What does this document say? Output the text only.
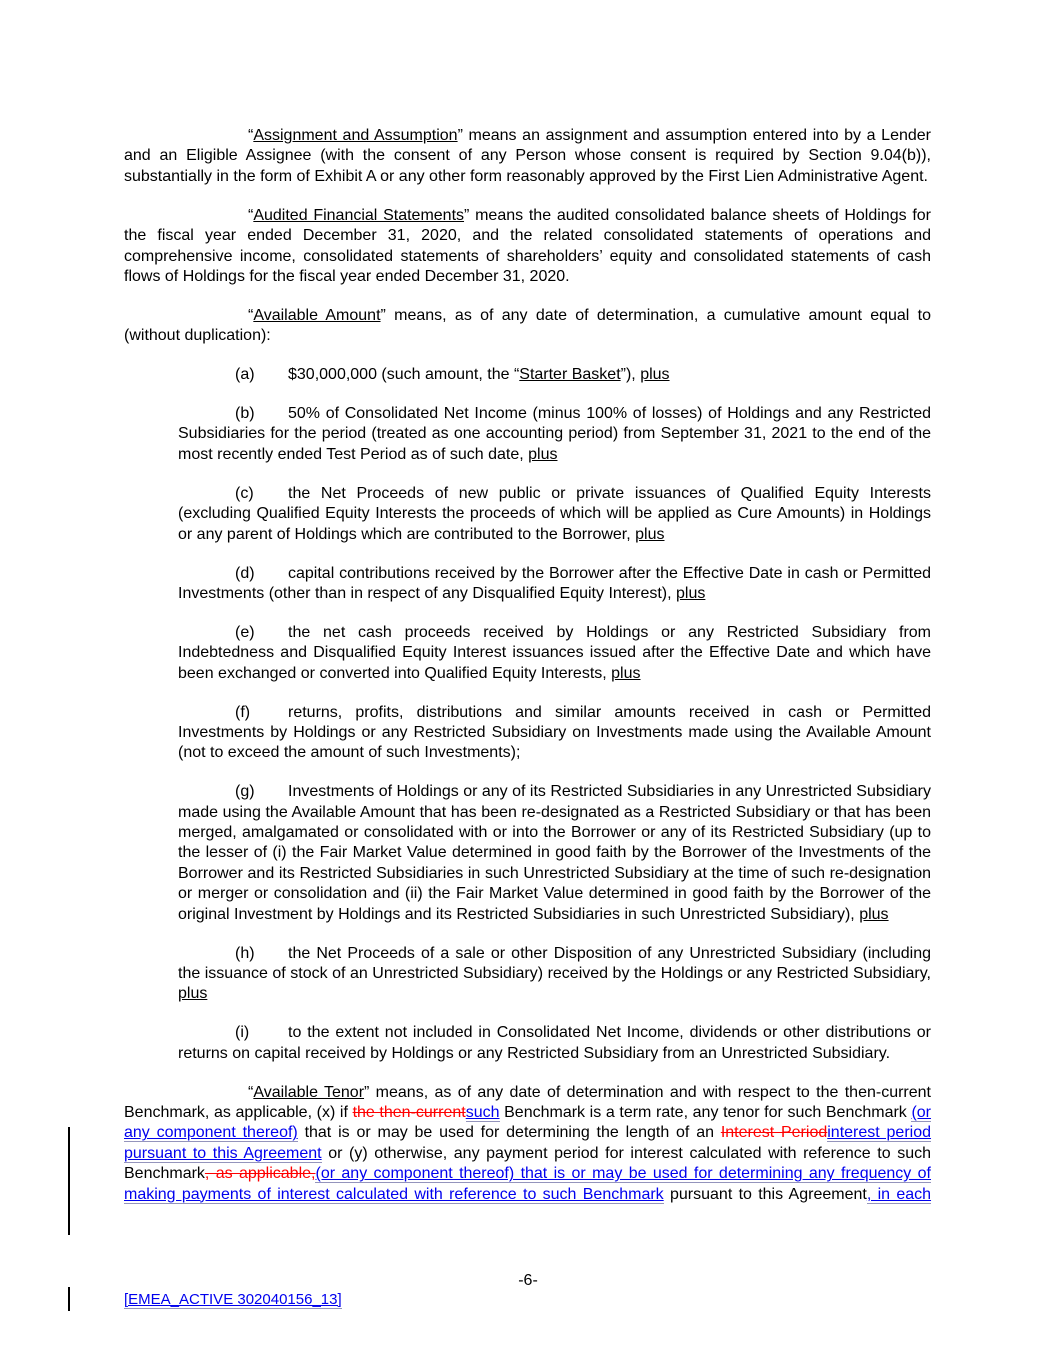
“Assignment and Assumption” means an assignment and assumption entered into by a Lender and an Eligible Assignee (with the consent of any Person whose consent is required by Section 9.04(b)), substantially in the form of Exhibit A or any other form reasonably approved by the First Lien Administrative Agent.

“Audited Financial Statements” means the audited consolidated balance sheets of Holdings for the fiscal year ended December 31, 2020, and the related consolidated statements of operations and comprehensive income, consolidated statements of shareholders’ equity and consolidated statements of cash flows of Holdings for the fiscal year ended December 31, 2020.

“Available Amount” means, as of any date of determination, a cumulative amount equal to (without duplication):

(a) $30,000,000 (such amount, the “Starter Basket”), plus

(b) 50% of Consolidated Net Income (minus 100% of losses) of Holdings and any Restricted Subsidiaries for the period (treated as one accounting period) from September 31, 2021 to the end of the most recently ended Test Period as of such date, plus

(c) the Net Proceeds of new public or private issuances of Qualified Equity Interests (excluding Qualified Equity Interests the proceeds of which will be applied as Cure Amounts) in Holdings or any parent of Holdings which are contributed to the Borrower, plus

(d) capital contributions received by the Borrower after the Effective Date in cash or Permitted Investments (other than in respect of any Disqualified Equity Interest), plus

(e) the net cash proceeds received by Holdings or any Restricted Subsidiary from Indebtedness and Disqualified Equity Interest issuances issued after the Effective Date and which have been exchanged or converted into Qualified Equity Interests, plus

(f) returns, profits, distributions and similar amounts received in cash or Permitted Investments by Holdings or any Restricted Subsidiary on Investments made using the Available Amount (not to exceed the amount of such Investments);

(g) Investments of Holdings or any of its Restricted Subsidiaries in any Unrestricted Subsidiary made using the Available Amount that has been re-designated as a Restricted Subsidiary or that has been merged, amalgamated or consolidated with or into the Borrower or any of its Restricted Subsidiary (up to the lesser of (i) the Fair Market Value determined in good faith by the Borrower of the Investments of the Borrower and its Restricted Subsidiaries in such Unrestricted Subsidiary at the time of such re-designation or merger or consolidation and (ii) the Fair Market Value determined in good faith by the Borrower of the original Investment by Holdings and its Restricted Subsidiaries in such Unrestricted Subsidiary), plus

(h) the Net Proceeds of a sale or other Disposition of any Unrestricted Subsidiary (including the issuance of stock of an Unrestricted Subsidiary) received by the Holdings or any Restricted Subsidiary, plus

(i) to the extent not included in Consolidated Net Income, dividends or other distributions or returns on capital received by Holdings or any Restricted Subsidiary from an Unrestricted Subsidiary.

“Available Tenor” means, as of any date of determination and with respect to the then-current Benchmark, as applicable, (x) if the then-currentsuch Benchmark is a term rate, any tenor for such Benchmark (or any component thereof) that is or may be used for determining the length of an Interest Periodinterest period pursuant to this Agreement or (y) otherwise, any payment period for interest calculated with reference to such Benchmark, as applicable,(or any component thereof) that is or may be used for determining any frequency of making payments of interest calculated with reference to such Benchmark pursuant to this Agreement, in each

-6-
[EMEA_ACTIVE 302040156_13]
